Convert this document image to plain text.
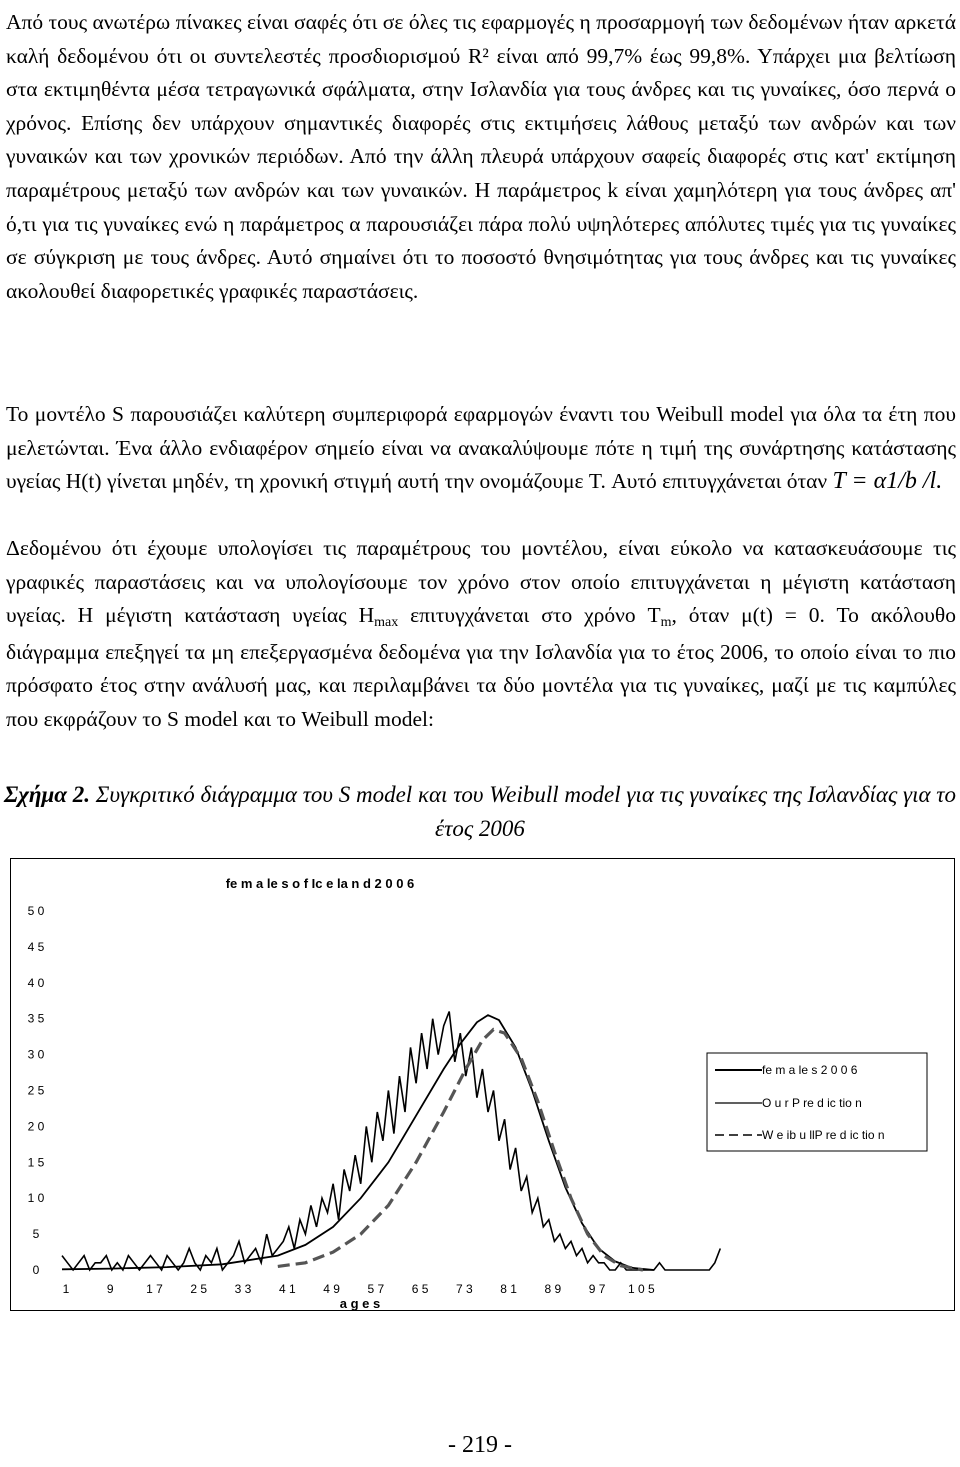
Από τους ανωτέρω πίνακες είναι σαφές ότι σε όλες τις εφαρμογές η προσαρμογή των δεδομένων ήταν αρκετά καλή δεδομένου ότι οι συντελεστές προσδιορισμού R² είναι από 99,7% έως 99,8%. Υπάρχει μια βελτίωση στα εκτιμηθέντα μέσα τετραγωνικά σφάλματα, στην Ισλανδία για τους άνδρες και τις γυναίκες, όσο περνά ο χρόνος. Επίσης δεν υπάρχουν σημαντικές διαφορές στις εκτιμήσεις λάθους μεταξύ των ανδρών και των γυναικών και των χρονικών περιόδων. Από την άλλη πλευρά υπάρχουν σαφείς διαφορές στις κατ' εκτίμηση παραμέτρους μεταξύ των ανδρών και των γυναικών. Η παράμετρος k είναι χαμηλότερη για τους άνδρες απ' ό,τι για τις γυναίκες ενώ η παράμετρος α παρουσιάζει πάρα πολύ υψηλότερες απόλυτες τιμές για τις γυναίκες σε σύγκριση με τους άνδρες. Αυτό σημαίνει ότι το ποσοστό θνησιμότητας για τους άνδρες και τις γυναίκες ακολουθεί διαφορετικές γραφικές παραστάσεις.
Το μοντέλο S παρουσιάζει καλύτερη συμπεριφορά εφαρμογών έναντι του Weibull model για όλα τα έτη που μελετώνται. Ένα άλλο ενδιαφέρον σημείο είναι να ανακαλύψουμε πότε η τιμή της συνάρτησης κατάστασης υγείας H(t) γίνεται μηδέν, τη χρονική στιγμή αυτή την ονομάζουμε T. Αυτό επιτυγχάνεται όταν T = α1/b /l.
Δεδομένου ότι έχουμε υπολογίσει τις παραμέτρους του μοντέλου, είναι εύκολο να κατασκευάσουμε τις γραφικές παραστάσεις και να υπολογίσουμε τον χρόνο στον οποίο επιτυγχάνεται η μέγιστη κατάσταση υγείας. Η μέγιστη κατάσταση υγείας Hmax επιτυγχάνεται στο χρόνο Tm, όταν μ(t) = 0. Το ακόλουθο διάγραμμα επεξηγεί τα μη επεξεργασμένα δεδομένα για την Ισλανδία για το έτος 2006, το οποίο είναι το πιο πρόσφατο έτος στην ανάλυσή μας, και περιλαμβάνει τα δύο μοντέλα για τις γυναίκες, μαζί με τις καμπύλες που εκφράζουν το S model και το Weibull model:
Σχήμα 2. Συγκριτικό διάγραμμα του S model και του Weibull model για τις γυναίκες της Ισλανδίας για το έτος 2006
fe m a le s o f Ic e la n d 2 0 0 6
5 0
4 5
4 0
3 5
3 0
2 5
2 0
1 5
1 0
5
0
1	9	1 7 2 5 3 3 4 1 4 9 5 7 6 5 7 3 8 1 8 9 9 7 1 0 5
a g e s
fe m a le s 2 0 0 6
O u r P re d ic tio n
W e ib u llP re d ic tio n
- 219 -
